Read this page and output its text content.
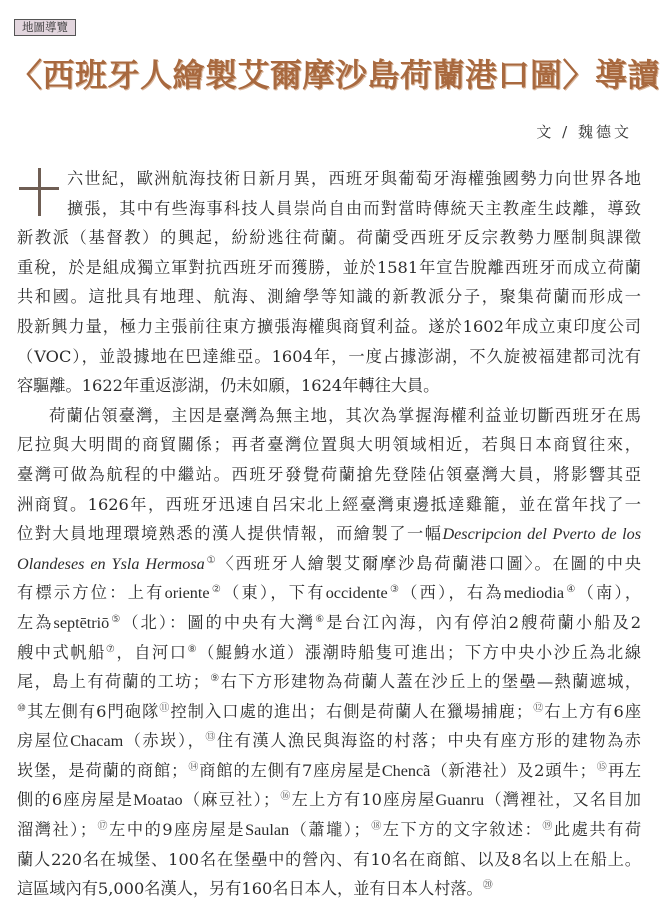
地圖導覽
〈西班牙人繪製艾爾摩沙島荷蘭港口圖〉導讀
文 / 魏德文
六世紀，歐洲航海技術日新月異，西班牙與葡萄牙海權強國勢力向世界各地
擴張，其中有些海事科技人員崇尚自由而對當時傳統天主教產生歧離，導致
新教派（基督教）的興起，紛紛逃往荷蘭。荷蘭受西班牙反宗教勢力壓制與課徵
重稅，於是組成獨立軍對抗西班牙而獲勝，並於1581年宣告脫離西班牙而成立荷蘭
共和國。這批具有地理、航海、測繪學等知識的新教派分子，聚集荷蘭而形成一
股新興力量，極力主張前往東方擴張海權與商貿利益。遂於1602年成立東印度公司
（VOC），並設據地在巴達維亞。1604年，一度占據澎湖，不久旋被福建都司沈有
容驅離。1622年重返澎湖，仍未如願，1624年轉往大員。
荷蘭佔領臺灣，主因是臺灣為無主地，其次為掌握海權利益並切斷西班牙在馬
尼拉與大明間的商貿關係；再者臺灣位置與大明領域相近，若與日本商貿往來，
臺灣可做為航程的中繼站。西班牙發覺荷蘭搶先登陸佔領臺灣大員，將影響其亞
洲商貿。1626年，西班牙迅速自呂宋北上經臺灣東邊抵達雞籠，並在當年找了一
位對大員地理環境熟悉的漢人提供情報，而繪製了一幅Descripcion del Pverto de los
Olandeses en Ysla Hermosa①〈西班牙人繪製艾爾摩沙島荷蘭港口圖〉。在圖的中央
有標示方位：上有oriente②（東），下有occidente③（西），右為mediodia④（南），
左為septētriō⑤（北）：圖的中央有大灣⑥是台江內海，內有停泊2艘荷蘭小船及2
艘中式帆船⑦，自河口⑧（鯤鯓水道）漲潮時船隻可進出；下方中央小沙丘為北線
尾，島上有荷蘭的工坊；⑨右下方形建物為荷蘭人蓋在沙丘上的堡壘—熱蘭遮城，
⑩其左側有6門砲隊⑪控制入口處的進出；右側是荷蘭人在獵場捕鹿；⑫右上方有6座
房屋位Chacam（赤崁），⑬住有漢人漁民與海盜的村落；中央有座方形的建物為赤
崁堡，是荷蘭的商館；⑭商館的左側有7座房屋是Chencã（新港社）及2頭牛；⑮再左
側的6座房屋是Moatao（麻豆社）；⑯左上方有10座房屋Guanru（灣裡社，又名目加
溜灣社）；⑰左中的9座房屋是Saulan（蕭壠）；⑱左下方的文字敘述：⑲此處共有荷
蘭人220名在城堡、100名在堡壘中的營內、有10名在商館、以及8名以上在船上。
這區域內有5,000名漢人，另有160名日本人，並有日本人村落。⑳
